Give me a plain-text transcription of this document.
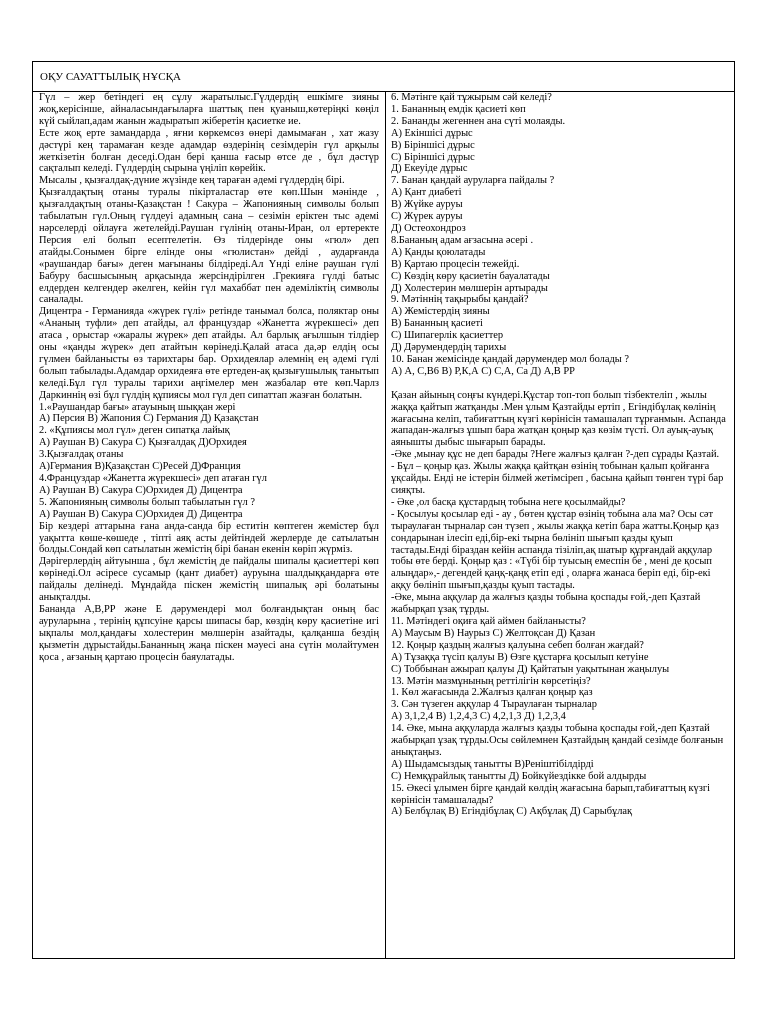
ОҚУ САУАТТЫЛЫҚ НҰСҚА

Гүл – жер бетіндегі ең сұлу жаратылыс.Гүлдердің ешкімге зияны жоқ,керісінше, айналасындағыларға шаттық пен қуаныш,көтеріңкі көңіл күй сыйлап,адам жанын жадыратып жіберетін қасиетке ие.

Есте жоқ ерте замандарда , яғни көркемсөз өнері дамымаған , хат жазу дәстүрі кең тарамаған кезде адамдар өздерінің сезімдерін гүл арқылы жеткізетін болған деседі.Одан бері қанша ғасыр өтсе де , бұл дәстүр сақталып келеді. Гүлдердің сырына үңіліп көрейік.

Мысалы , қызғалдақ-дүние жүзінде кең тараған әдемі гүлдердің бірі.

Қызғалдақтың отаны туралы пікірталастар өте көп.Шын мәнінде , қызғалдақтың отаны-Қазақстан ! Сакура – Жапонияның символы болып табылатын гүл.Оның гүлдеуі адамның сана – сезімін еріктен тыс әдемі нәрселерді ойлауға жетелейді.Раушан гүлінің отаны-Иран, ол ертеректе Персия елі болып есептелетін. Өз тілдерінде оны «гюл» деп атайды.Сонымен бірге елінде оны «гюлистан» дейді , аударғанда «раушандар бағы» деген мағынаны білдіреді.Ал Үнді еліне раушан гүлі Бабуру басшысының арқасында жерсіндірілген .Грекияға гүлді батыс елдерден келгендер әкелген, кейін гүл махаббат пен әдемiлiктiң символы саналады.

Дицентра - Германияда «жүрек гүлі» ретінде танымал болса, поляктар оны «Ананың туфли» деп атайды, ал француздар «Жанетта жүрекшесі» деп атаса , орыстар «жаралы жүрек» деп атайды. Ал барлық ағылшын тілдіер оны «қанды жүрек» деп атайтын көрінеді.Қалай атаса да,әр елдің осы гүлмен байланысты өз тарихтары бар. Орхидеялар әлемнің ең әдемі гүлі болып табылады.Адамдар орхидеяға өте ертеден-ақ қызығушылық танытып келеді.Бұл гүл туралы тарихи аңгімелер мен жазбалар өте көп.Чарлз Даркиннің өзі бұл гүлдің құпиясы мол гүл деп сипаттап жазған болатын.

1.«Раушандар бағы» атауының шыққан жері

А) Персия В) Жапония С) Германия Д) Қазақстан

2. «Құпиясы мол гүл» деген сипатқа лайық

А) Раушан В) Сакура С) Қызғалдақ Д)Орхидея

3.Қызғалдақ отаны

А)Германия В)Қазақстан С)Ресей Д)Франция

4.Француздар «Жанетта жүрекшесі» деп атаған гүл

А) Раушан В) Сакура С)Орхидея Д) Дицентра

5. Жапонияның символы болып табылатын гүл ?

А) Раушан В) Сакура С)Орхидея Д) Дицентра

Бір кездері аттарына ғана анда-санда бір еститін көптеген жемістер бұл уақытта көше-көшеде , тіпті аяқ асты дейтіндей жерлерде де сатылатын болды.Сондай көп сатылатын жемістің бірі банан екенін көріп жүрміз.

Дәрігерлердің айтуынша , бұл жемістің де пайдалы шипалы қасиеттері көп көрінеді.Ол әсіресе сусамыр (қант диабет) ауруына шалдыққандарға өте пайдалы делінеді. Мұндайда піскен жемістің шипалық әрі болатыны анықталды.

Бананда А,В,РР және Е дәрумендері мол болғандықтан оның бас ауруларына , терінің құпсуіне қарсы шипасы бар, көздің көру қасиетіне игі ықпалы мол,қандағы холестерин мөлшерін азайтады, қалқанша бездің қызметін дұрыстайды.Бананның жаңа піскен мәуесі ана сүтін молайтумен қоса , ағзаның қартаю процесін баяулатады.

6. Мәтінге қай тұжырым сәй келеді?

1. Бананның емдік қасиеті көп

2. Бананды жегеннен ана сүті молаяды.

А) Екіншісі дұрыс

В) Біріншісі дұрыс

С) Біріншісі дұрыс

Д) Екеуіде дұрыс

7. Банан қандай ауруларға пайдалы ?

А) Қант диабеті

В) Жүйке ауруы

С) Жүрек ауруы

Д) Остеохондроз

8.Бананың адам ағзасына әсері .

А) Қанды қоюлатады

В) Қартаю процесін тежейді.

С) Көздің көру қасиетін бауалатады

Д) Холестерин мөлшерін артырады

9. Мәтіннің тақырыбы қандай?

А) Жемістердің зияны

В) Бананның қасиеті

С) Шипагерлік қасиеттер

Д) Дәрумендердің тарихы

10. Банан жемісінде қандай дәрумендер мол болады ?

А) А, С,В6 В) Р,К,А С) С,А, Са Д) А,В РР

Қазан айының соңғы күндері.Құстар топ-топ болып тізбектеліп , жылы жаққа қайтып жатқанды .Мен ұлым Қазтайды ертіп , Егіндібұлақ көлінің жағасына келіп, табиғаттың күзгі көрінісін тамашалап тұрғанмын. Аспанда жападан-жалғыз ұшып бара жатқан қоңыр қаз көзім түсті. Ол ауық-ауық аянышты дыбыс шығарып барады.

-Әке ,мынау құс не деп барады ?Неге жалғыз қалған ?-деп сұрады Қазтай.

- Бұл – қоңыр қаз. Жылы жаққа қайтқан өзінің тобынан қалып қойғанға ұқсайды. Енді не істерін білмей жетімсіреп , басына қайып төнген түрі бар сияқты.

- Әке ,ол басқа құстардың тобына неге қосылмайды?

- Қосылуы қосылар еді - ау , бөтен құстар өзінің тобына ала ма? Осы сәт тыраулаған тырналар сән түзеп , жылы жаққа кетіп бара жатты.Қоңыр қаз сондарынан ілесіп еді,бір-екі тырна бөлініп шығып қазды қуып тастады.Енді біраздан кейін аспанда тізіліп,ақ шатыр құрғандай аққулар тобы өте берді. Қоңыр қаз : «Түбі бір туысың емеспін бе , мені де қосып алыңдар»,- дегендей қаңқ-қаңқ етіп еді , оларға жанаса беріп еді, бір-екі аққу бөлініп шығып,қазды қуып тастады.

-Әке, мына аққулар да жалғыз қазды тобына қоспады ғой,-деп Қазтай жабырқап ұзақ тұрды.

11. Мәтіндегі оқиға қай аймен байланысты?

А) Маусым В) Наурыз С) Желтоқсан Д) Қазан

12. Қоңыр қаздың жалғыз қалуына себеп болған жағдай?

А) Тұзаққа түсіп қалуы В) Өзге құстарға қосылып кетуіне

С) Тоббынан ажырап қалуы Д) Қайтатын уақытынан жаңылуы

13. Мәтін мазмұнының реттілігін көрсетіңіз?

1. Көл жағасында 2.Жалғыз қалған қоңыр қаз

3. Сән түзеген аққулар 4 Тыраулаған тырналар

А) 3,1,2,4 В) 1,2,4,3 С) 4,2,1,3 Д) 1,2,3,4

14. Әке, мына аққуларда жалғыз қазды тобына қоспады ғой,-деп Қазтай жабырқап ұзақ тұрды.Осы сөйлемнен Қазтайдың қандай сезімде болғанын анықтаңыз.

А) Шыдамсыздық танытты В)Реніштібілдірді

С) Немқұрайлық танытты Д) Бойкүйездікке бой алдырды

15. Әкесі ұлымен бірге қандай көлдің жағасына барып,табиғаттың күзгі көрінісін тамашалады?

А) Белбұлақ В) Егіндібұлақ С) Ақбұлақ Д) Сарыбұлақ
